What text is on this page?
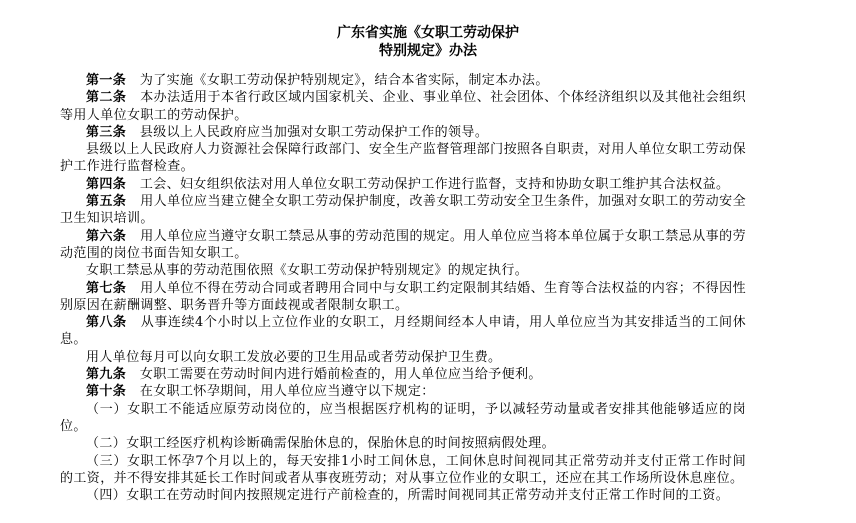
广东省实施《女职工劳动保护
特别规定》办法

第一条 为了实施《女职工劳动保护特别规定》，结合本省实际，制定本办法。

第二条 本办法适用于本省行政区域内国家机关、企业、事业单位、社会团体、个体经济组织以及其他社会组织等用人单位女职工的劳动保护。

第三条 县级以上人民政府应当加强对女职工劳动保护工作的领导。

县级以上人民政府人力资源社会保障行政部门、安全生产监督管理部门按照各自职责，对用人单位女职工劳动保护工作进行监督检查。

第四条 工会、妇女组织依法对用人单位女职工劳动保护工作进行监督，支持和协助女职工维护其合法权益。

第五条 用人单位应当建立健全女职工劳动保护制度，改善女职工劳动安全卫生条件，加强对女职工的劳动安全卫生知识培训。

第六条 用人单位应当遵守女职工禁忌从事的劳动范围的规定。用人单位应当将本单位属于女职工禁忌从事的劳动范围的岗位书面告知女职工。

女职工禁忌从事的劳动范围依照《女职工劳动保护特别规定》的规定执行。

第七条 用人单位不得在劳动合同或者聘用合同中与女职工约定限制其结婚、生育等合法权益的内容；不得因性别原因在薪酬调整、职务晋升等方面歧视或者限制女职工。

第八条 从事连续4个小时以上立位作业的女职工，月经期间经本人申请，用人单位应当为其安排适当的工间休息。

用人单位每月可以向女职工发放必要的卫生用品或者劳动保护卫生费。

第九条 女职工需要在劳动时间内进行婚前检查的，用人单位应当给予便利。

第十条 在女职工怀孕期间，用人单位应当遵守以下规定：

（一）女职工不能适应原劳动岗位的，应当根据医疗机构的证明，予以减轻劳动量或者安排其他能够适应的岗位。

（二）女职工经医疗机构诊断确需保胎休息的，保胎休息的时间按照病假处理。

（三）女职工怀孕7个月以上的，每天安排1小时工间休息，工间休息时间视同其正常劳动并支付正常工作时间的工资，并不得安排其延长工作时间或者从事夜班劳动；对从事立位作业的女职工，还应在其工作场所设休息座位。

（四）女职工在劳动时间内按照规定进行产前检查的，所需时间视同其正常劳动并支付正常工作时间的工资。
